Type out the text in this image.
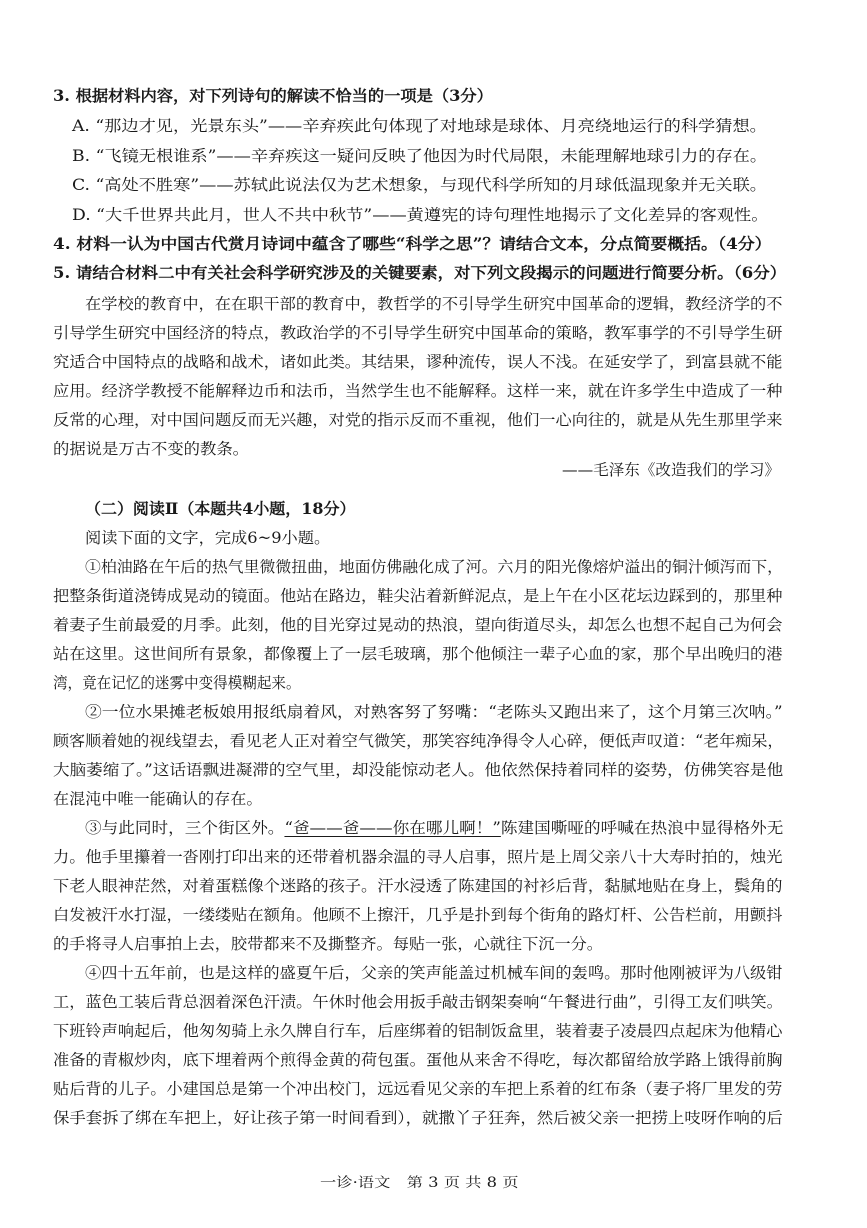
3. 根据材料内容，对下列诗句的解读不恰当的一项是（3分）
A. “那边才见，光景东头”——辛弃疾此句体现了对地球是球体、月亮绕地运行的科学猜想。
B. “飞镜无根谁系”——辛弃疾这一疑问反映了他因为时代局限，未能理解地球引力的存在。
C. “高处不胜寒”——苏轼此说法仅为艺术想象，与现代科学所知的月球低温现象并无关联。
D. “大千世界共此月，世人不共中秋节”——黄遵宪的诗句理性地揭示了文化差异的客观性。
4. 材料一认为中国古代赏月诗词中蕴含了哪些“科学之思”？请结合文本，分点简要概括。（4分）
5. 请结合材料二中有关社会科学研究涉及的关键要素，对下列文段揭示的问题进行简要分析。（6分）
在学校的教育中，在在职干部的教育中，教哲学的不引导学生研究中国革命的逻辑，教经济学的不
引导学生研究中国经济的特点，教政治学的不引导学生研究中国革命的策略，教军事学的不引导学生研
究适合中国特点的战略和战术，诸如此类。其结果，谬种流传，误人不浅。在延安学了，到富县就不能
应用。经济学教授不能解释边币和法币，当然学生也不能解释。这样一来，就在许多学生中造成了一种
反常的心理，对中国问题反而无兴趣，对党的指示反而不重视，他们一心向往的，就是从先生那里学来
的据说是万古不变的教条。
——毛泽东《改造我们的学习》
（二）阅读Ⅱ（本题共4小题，18分）
阅读下面的文字，完成6~9小题。
①柏油路在午后的热气里微微扭曲，地面仿佛融化成了河。六月的阳光像熔炉溢出的铜汁倾泻而下，
把整条街道浇铸成晃动的镜面。他站在路边，鞋尖沾着新鲜泥点，是上午在小区花坛边踩到的，那里种
着妻子生前最爱的月季。此刻，他的目光穿过晃动的热浪，望向街道尽头，却怎么也想不起自己为何会
站在这里。这世间所有景象，都像覆上了一层毛玻璃，那个他倾注一辈子心血的家，那个早出晚归的港
湾，竟在记忆的迷雾中变得模糊起来。
②一位水果摊老板娘用报纸扇着风，对熟客努了努嘴：“老陈头又跑出来了，这个月第三次呐。”
顾客顺着她的视线望去，看见老人正对着空气微笑，那笑容纯净得令人心碎，便低声叹道：“老年痴呆，
大脑萎缩了。”这话语飘进凝滞的空气里，却没能惊动老人。他依然保持着同样的姿势，仿佛笑容是他
在混沌中唯一能确认的存在。
③与此同时，三个街区外。“爸——爸——你在哪儿啊！”陈建国嘶哑的呼喊在热浪中显得格外无
力。他手里攥着一沓刚打印出来的还带着机器余温的寻人启事，照片是上周父亲八十大寿时拍的，烛光
下老人眼神茫然，对着蛋糕像个迷路的孩子。汗水浸透了陈建国的衬衫后背，黏腻地贴在身上，鬓角的
白发被汗水打湿，一缕缕贴在额角。他顾不上擦汗，几乎是扑到每个街角的路灯杆、公告栏前，用颤抖
的手将寻人启事拍上去，胶带都来不及撕整齐。每贴一张，心就往下沉一分。
④四十五年前，也是这样的盛夏午后，父亲的笑声能盖过机械车间的轰鸣。那时他刚被评为八级钳
工，蓝色工装后背总洇着深色汗渍。午休时他会用扳手敲击钢架奏响“午餐进行曲”，引得工友们哄笑。
下班铃声响起后，他匆匆骑上永久牌自行车，后座绑着的铝制饭盒里，装着妻子凌晨四点起床为他精心
准备的青椒炒肉，底下埋着两个煎得金黄的荷包蛋。蛋他从来舍不得吃，每次都留给放学路上饿得前胸
贴后背的儿子。小建国总是第一个冲出校门，远远看见父亲的车把上系着的红布条（妻子将厂里发的劳
保手套拆了绑在车把上，好让孩子第一时间看到），就撒丫子狂奔，然后被父亲一把捞上吱呀作响的后
一诊·语文　第 3 页 共 8 页
